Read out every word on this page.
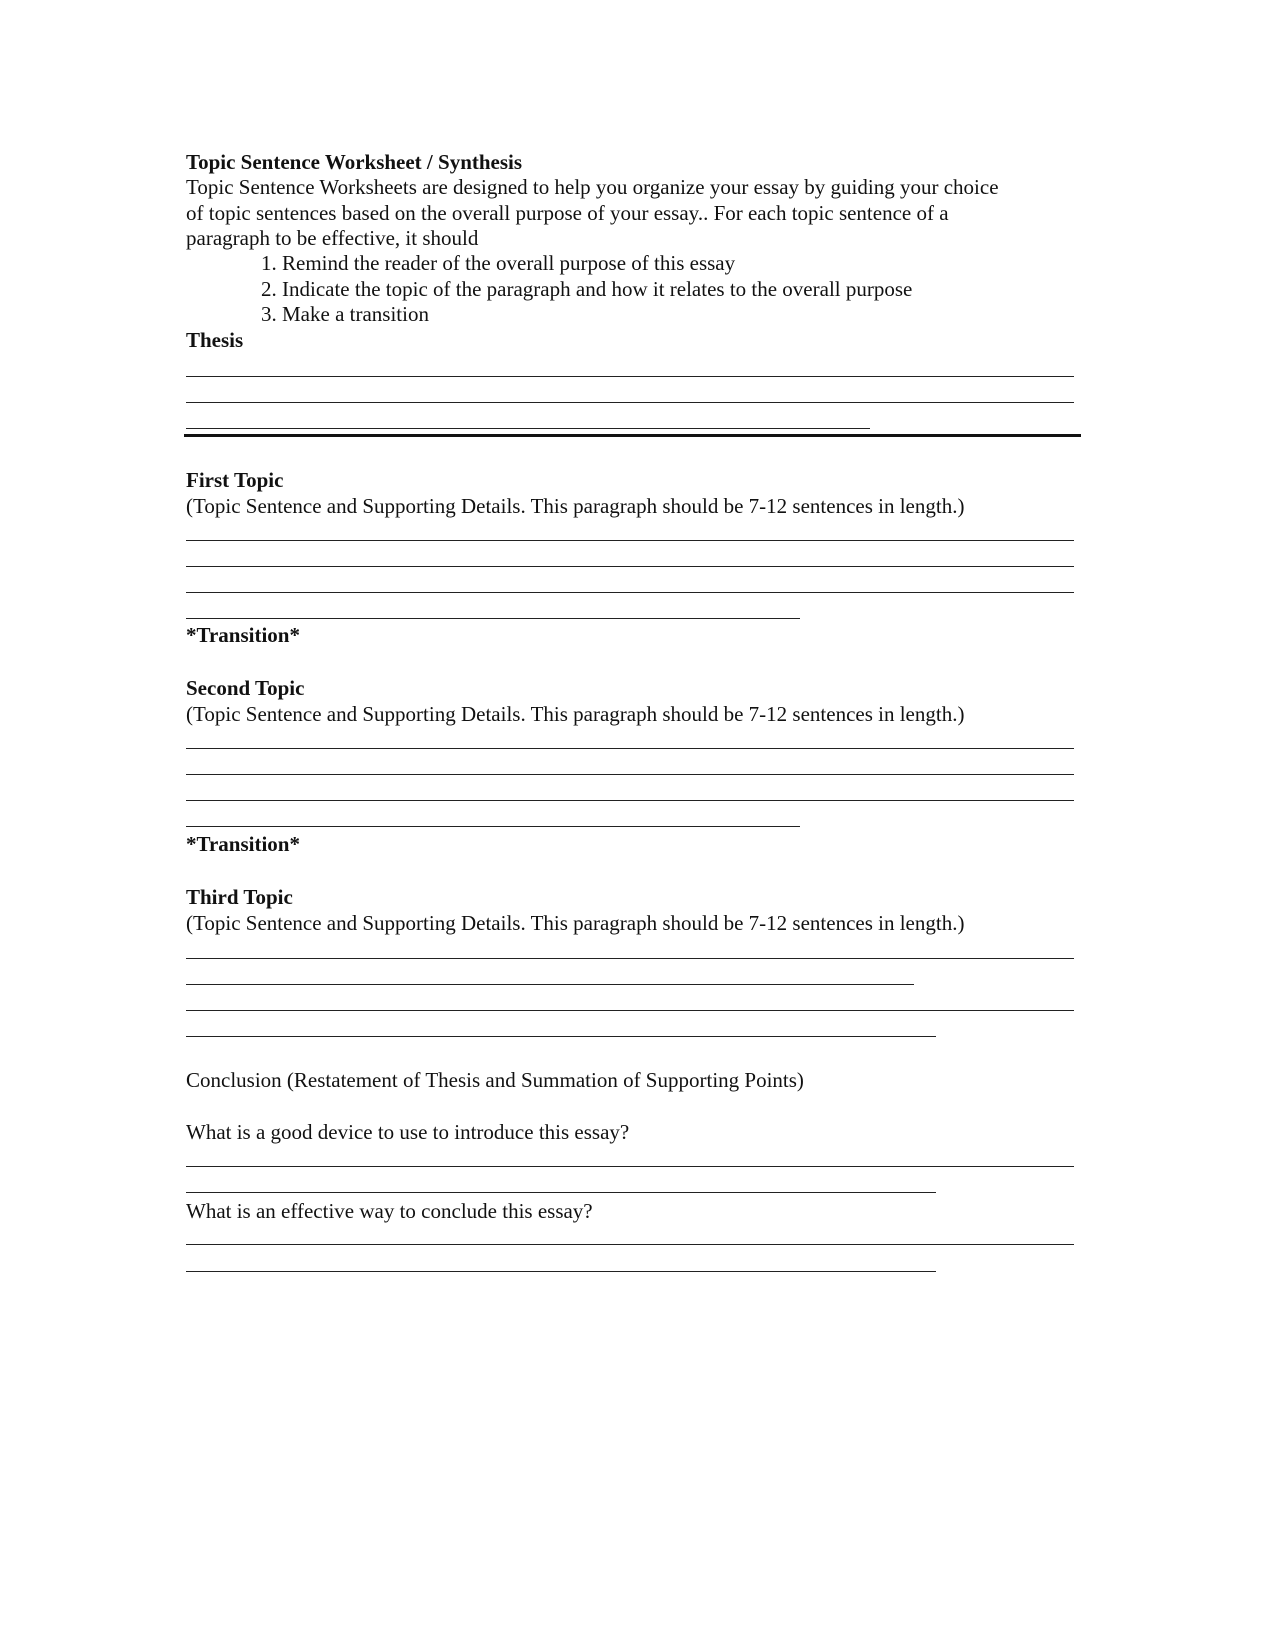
Topic Sentence Worksheet / Synthesis
Topic Sentence Worksheets are designed to help you organize your essay by guiding your choice
of topic sentences based on the overall purpose of your essay.. For each topic sentence of a
paragraph to be effective, it should
1. Remind the reader of the overall purpose of this essay
2. Indicate the topic of the paragraph and how it relates to the overall purpose
3. Make a transition
Thesis
First Topic
(Topic Sentence and Supporting Details. This paragraph should be 7-12 sentences in length.)
*Transition*
Second Topic
(Topic Sentence and Supporting Details. This paragraph should be 7-12 sentences in length.)
*Transition*
Third Topic
(Topic Sentence and Supporting Details. This paragraph should be 7-12 sentences in length.)
Conclusion (Restatement of Thesis and Summation of Supporting Points)
What is a good device to use to introduce this essay?
What is an effective way to conclude this essay?
